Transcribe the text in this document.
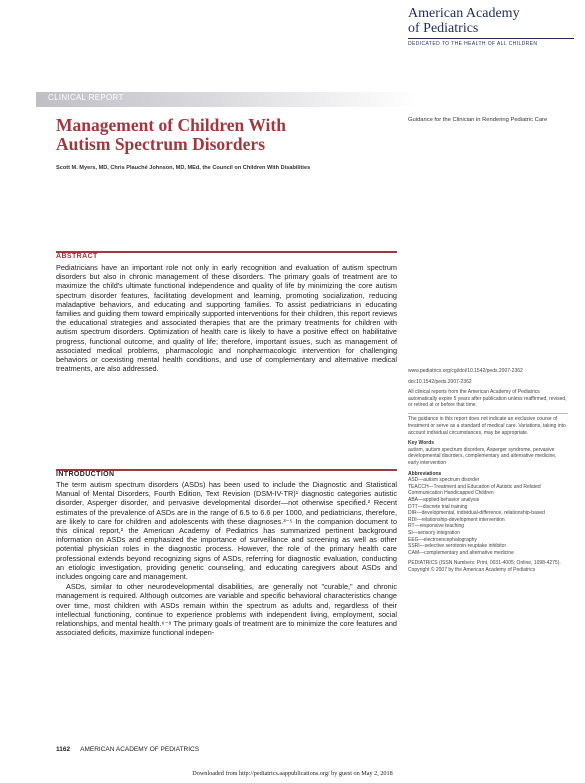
American Academy
of Pediatrics
DEDICATED TO THE HEALTH OF ALL CHILDREN
CLINICAL REPORT
Management of Children With
Autism Spectrum Disorders
Scott M. Myers, MD, Chris Plauché Johnson, MD, MEd, the Council on Children With Disabilities
Guidance for the Clinician in Rendering Pediatric Care
ABSTRACT
Pediatricians have an important role not only in early recognition and evaluation of autism spectrum disorders but also in chronic management of these disorders. The primary goals of treatment are to maximize the child's ultimate functional independence and quality of life by minimizing the core autism spectrum disorder features, facilitating development and learning, promoting socialization, reducing maladaptive behaviors, and educating and supporting families. To assist pediatricians in educating families and guiding them toward empirically supported interventions for their children, this report reviews the educational strategies and associated therapies that are the primary treatments for children with autism spectrum disorders. Optimization of health care is likely to have a positive effect on habilitative progress, functional outcome, and quality of life; therefore, important issues, such as management of associated medical problems, pharmacologic and nonpharmacologic intervention for challenging behaviors or coexisting mental health conditions, and use of complementary and alternative medical treatments, are also addressed.	www.pediatrics.org/cgi/doi/10.1542/peds.2007-2362
doi:10.1542/peds.2007-2362
All clinical reports from the American Academy of Pediatrics automatically expire 5 years after publication unless reaffirmed, revised, or retired at or before that time.
The guidance in this report does not indicate an exclusive course of treatment or serve as a standard of medical care. Variations, taking into account individual circumstances, may be appropriate.
Key Words
autism, autism spectrum disorders, Asperger syndrome, pervasive developmental disorders, complementary and alternative medicine, early intervention
Abbreviations
ASD—autism spectrum disorder
TEACCH—Treatment and Education of Autistic and Related Communication Handicapped Children
ABA—applied behavior analysis
DTT—discrete trial training
DIR—developmental, individual-difference, relationship-based
RDI—relationship-development intervention
RT—responsive teaching
SI—sensory integration
EEG—electroencephalography
SSRI—selective serotonin-reuptake inhibitor
CAM—complementary and alternative medicine
PEDIATRICS (ISSN Numbers: Print, 0031-4005; Online, 1098-4275). Copyright © 2007 by the American Academy of Pediatrics
INTRODUCTION

The term autism spectrum disorders (ASDs) has been used to include the Diagnostic and Statistical Manual of Mental Disorders, Fourth Edition, Text Revision (DSM-IV-TR)¹ diagnostic categories autistic disorder, Asperger disorder, and pervasive developmental disorder—not otherwise specified.² Recent estimates of the prevalence of ASDs are in the range of 6.5 to 6.6 per 1000, and pediatricians, therefore, are likely to care for children and adolescents with these diagnoses.³⁻⁵ In the companion document to this clinical report,² the American Academy of Pediatrics has summarized pertinent background information on ASDs and emphasized the importance of surveillance and screening as well as other potential physician roles in the diagnostic process. However, the role of the primary health care professional extends beyond recognizing signs of ASDs, referring for diagnostic evaluation, conducting an etiologic investigation, providing genetic counseling, and educating caregivers about ASDs and includes ongoing care and management.

ASDs, similar to other neurodevelopmental disabilities, are generally not "curable," and chronic management is required. Although outcomes are variable and specific behavioral characteristics change over time, most children with ASDs remain within the spectrum as adults and, regardless of their intellectual functioning, continue to experience problems with independent living, employment, social relationships, and mental health.⁶⁻⁸ The primary goals of treatment are to minimize the core features and associated deficits, maximize functional indepen-

1162 AMERICAN ACADEMY OF PEDIATRICS
Downloaded from http://pediatrics.aappublications.org/ by guest on May 2, 2018
